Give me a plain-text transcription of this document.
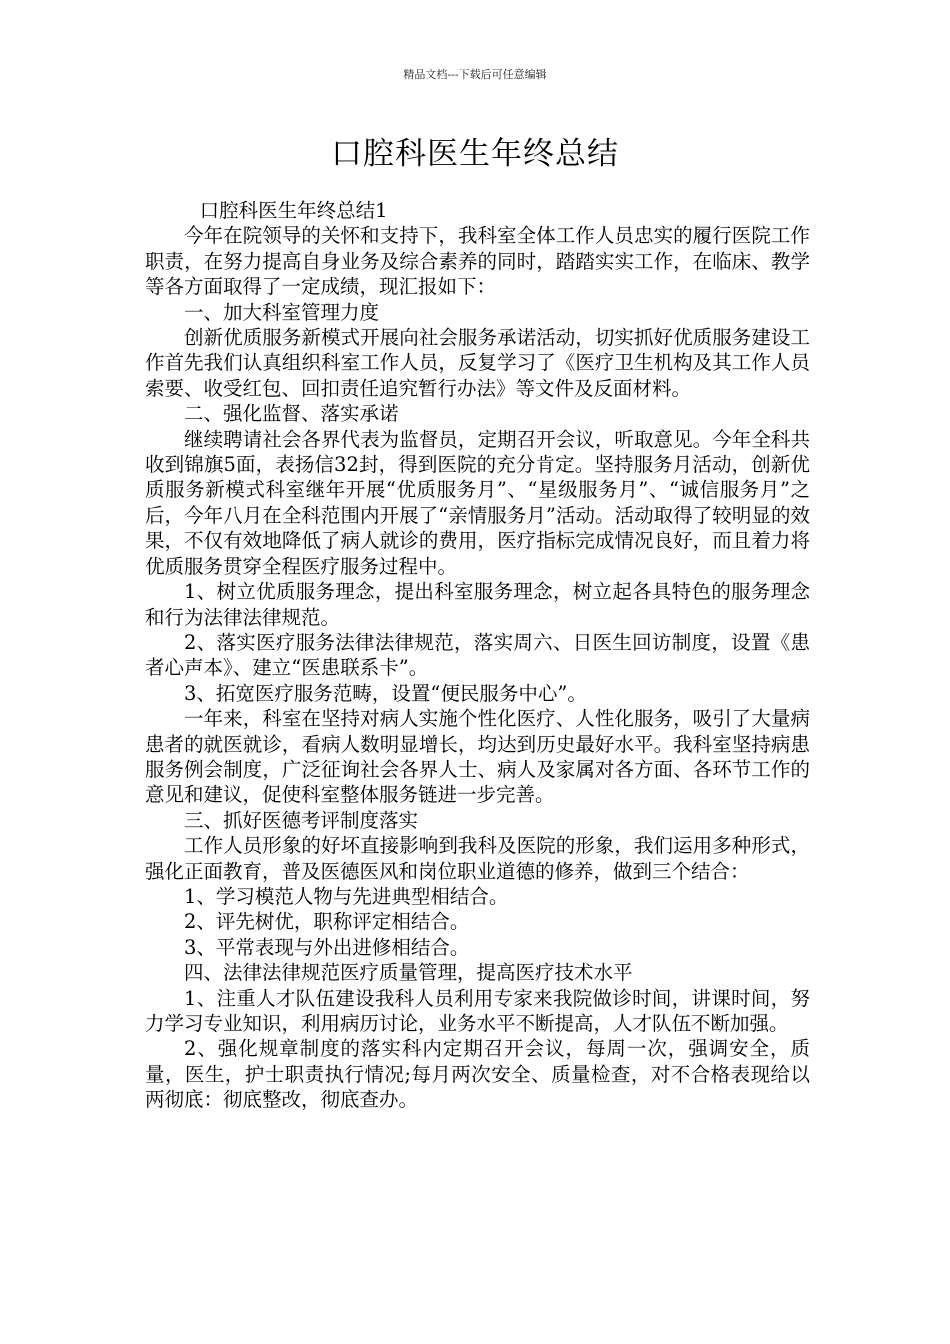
精品文档---下载后可任意编辑
口腔科医生年终总结

口腔科医生年终总结1

今年在院领导的关怀和支持下，我科室全体工作人员忠实的履行医院工作职责，在努力提高自身业务及综合素养的同时，踏踏实实工作，在临床、教学等各方面取得了一定成绩，现汇报如下：

一、加大科室管理力度

创新优质服务新模式开展向社会服务承诺活动，切实抓好优质服务建设工作首先我们认真组织科室工作人员，反复学习了《医疗卫生机构及其工作人员索要、收受红包、回扣责任追究暂行办法》等文件及反面材料。

二、强化监督、落实承诺

继续聘请社会各界代表为监督员，定期召开会议，听取意见。今年全科共收到锦旗5面，表扬信32封，得到医院的充分肯定。坚持服务月活动，创新优质服务新模式科室继年开展“优质服务月”、“星级服务月”、“诚信服务月”之后，今年八月在全科范围内开展了“亲情服务月”活动。活动取得了较明显的效果，不仅有效地降低了病人就诊的费用，医疗指标完成情况良好，而且着力将优质服务贯穿全程医疗服务过程中。

1、树立优质服务理念，提出科室服务理念，树立起各具特色的服务理念和行为法律法律规范。

2、落实医疗服务法律法律规范，落实周六、日医生回访制度，设置《患者心声本》、建立“医患联系卡”。

3、拓宽医疗服务范畴，设置“便民服务中心”。

一年来，科室在坚持对病人实施个性化医疗、人性化服务，吸引了大量病患者的就医就诊，看病人数明显增长，均达到历史最好水平。我科室坚持病患服务例会制度，广泛征询社会各界人士、病人及家属对各方面、各环节工作的意见和建议，促使科室整体服务链进一步完善。

三、抓好医德考评制度落实

工作人员形象的好坏直接影响到我科及医院的形象，我们运用多种形式，强化正面教育，普及医德医风和岗位职业道德的修养，做到三个结合：

1、学习模范人物与先进典型相结合。

2、评先树优，职称评定相结合。

3、平常表现与外出进修相结合。

四、法律法律规范医疗质量管理，提高医疗技术水平

1、注重人才队伍建设我科人员利用专家来我院做诊时间，讲课时间，努力学习专业知识，利用病历讨论，业务水平不断提高，人才队伍不断加强。

2、强化规章制度的落实科内定期召开会议，每周一次，强调安全，质量，医生，护士职责执行情况;每月两次安全、质量检查，对不合格表现给以两彻底：彻底整改，彻底查办。
